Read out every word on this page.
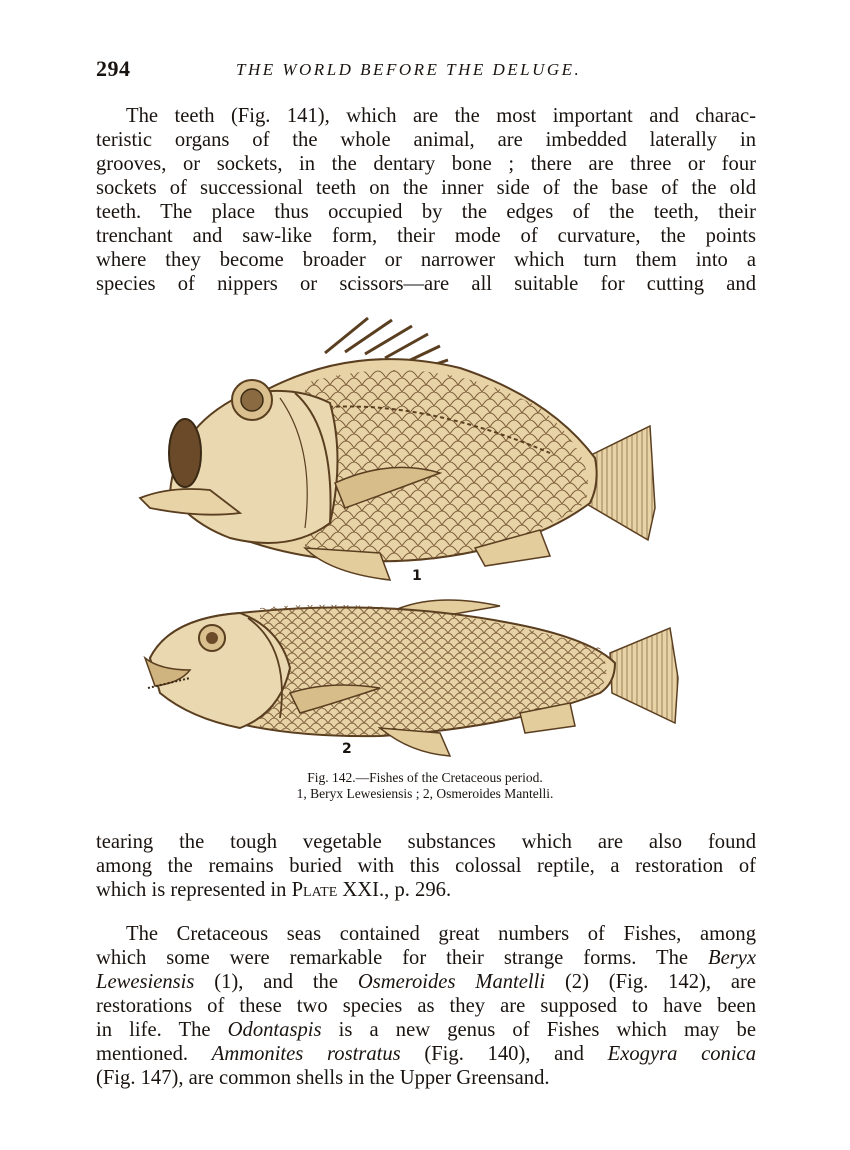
294	THE WORLD BEFORE THE DELUGE.
The teeth (Fig. 141), which are the most important and charac-
teristic organs of the whole animal, are imbedded laterally in
grooves, or sockets, in the dentary bone ; there are three or four
sockets of successional teeth on the inner side of the base of the old
teeth. The place thus occupied by the edges of the teeth, their
trenchant and saw-like form, their mode of curvature, the points
where they become broader or narrower which turn them into a
species of nippers or scissors—are all suitable for cutting and
1
2
Fig. 142.—Fishes of the Cretaceous period.
1, Beryx Lewesiensis ; 2, Osmeroides Mantelli.
tearing the tough vegetable substances which are also found
among the remains buried with this colossal reptile, a restoration of
which is represented in Plate XXI., p. 296.
The Cretaceous seas contained great numbers of Fishes, among
which some were remarkable for their strange forms. The Beryx
Lewesiensis (1), and the Osmeroides Mantelli (2) (Fig. 142), are
restorations of these two species as they are supposed to have been
in life. The Odontaspis is a new genus of Fishes which may be
mentioned. Ammonites rostratus (Fig. 140), and Exogyra conica
(Fig. 147), are common shells in the Upper Greensand.
